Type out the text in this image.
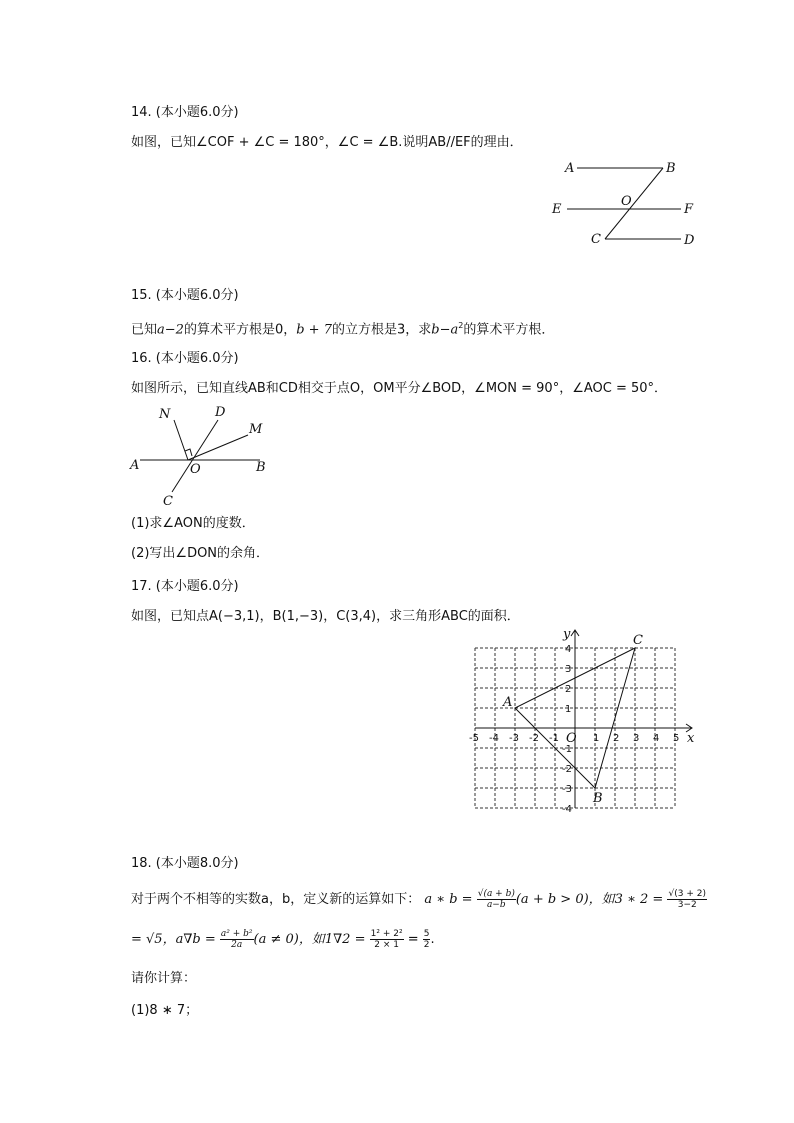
14. (本小题6.0分)
如图，已知∠COF + ∠C = 180°，∠C = ∠B.说明AB//EF的理由．
A	B
O
E	F
C	D
15. (本小题6.0分)
已知a−2的算术平方根是0，b + 7的立方根是3，求$b-a^2$的算术平方根．
16. (本小题6.0分)
如图所示，已知直线AB和CD相交于点O，OM平分∠BOD，∠MON = 90°，∠AOC = 50°．
N	D
M
A	O	B
C
(1)求∠AON的度数．
(2)写出∠DON的余角．
17. (本小题6.0分)
如图，已知点A(−3,1)，B(1,−3)，C(3,4)，求三角形ABC的面积．
-5 -4 -3 -2 -1	1 2 3 4 5
4
3
2
1
-1
-2
-3
-4
A
B
C
O	x
y
18. (本小题8.0分)
对于两个不相等的实数a，b，定义新的运算如下： a ∗ $b = \frac{√(a + b)}{a-b} (a + b > 0)$，如3 ∗ $2 = \frac{√(3 + 2)}{3-2}$
= √5，$a\nabla b = \frac{\text{a² + b²}}{2a} (a \ne 0)$，如$1\nabla 2 = \frac{\text{1² + 2²}}{2 \times 1} = \frac{5}{2}$ .
请你计算：
(1)8 ∗ 7；
